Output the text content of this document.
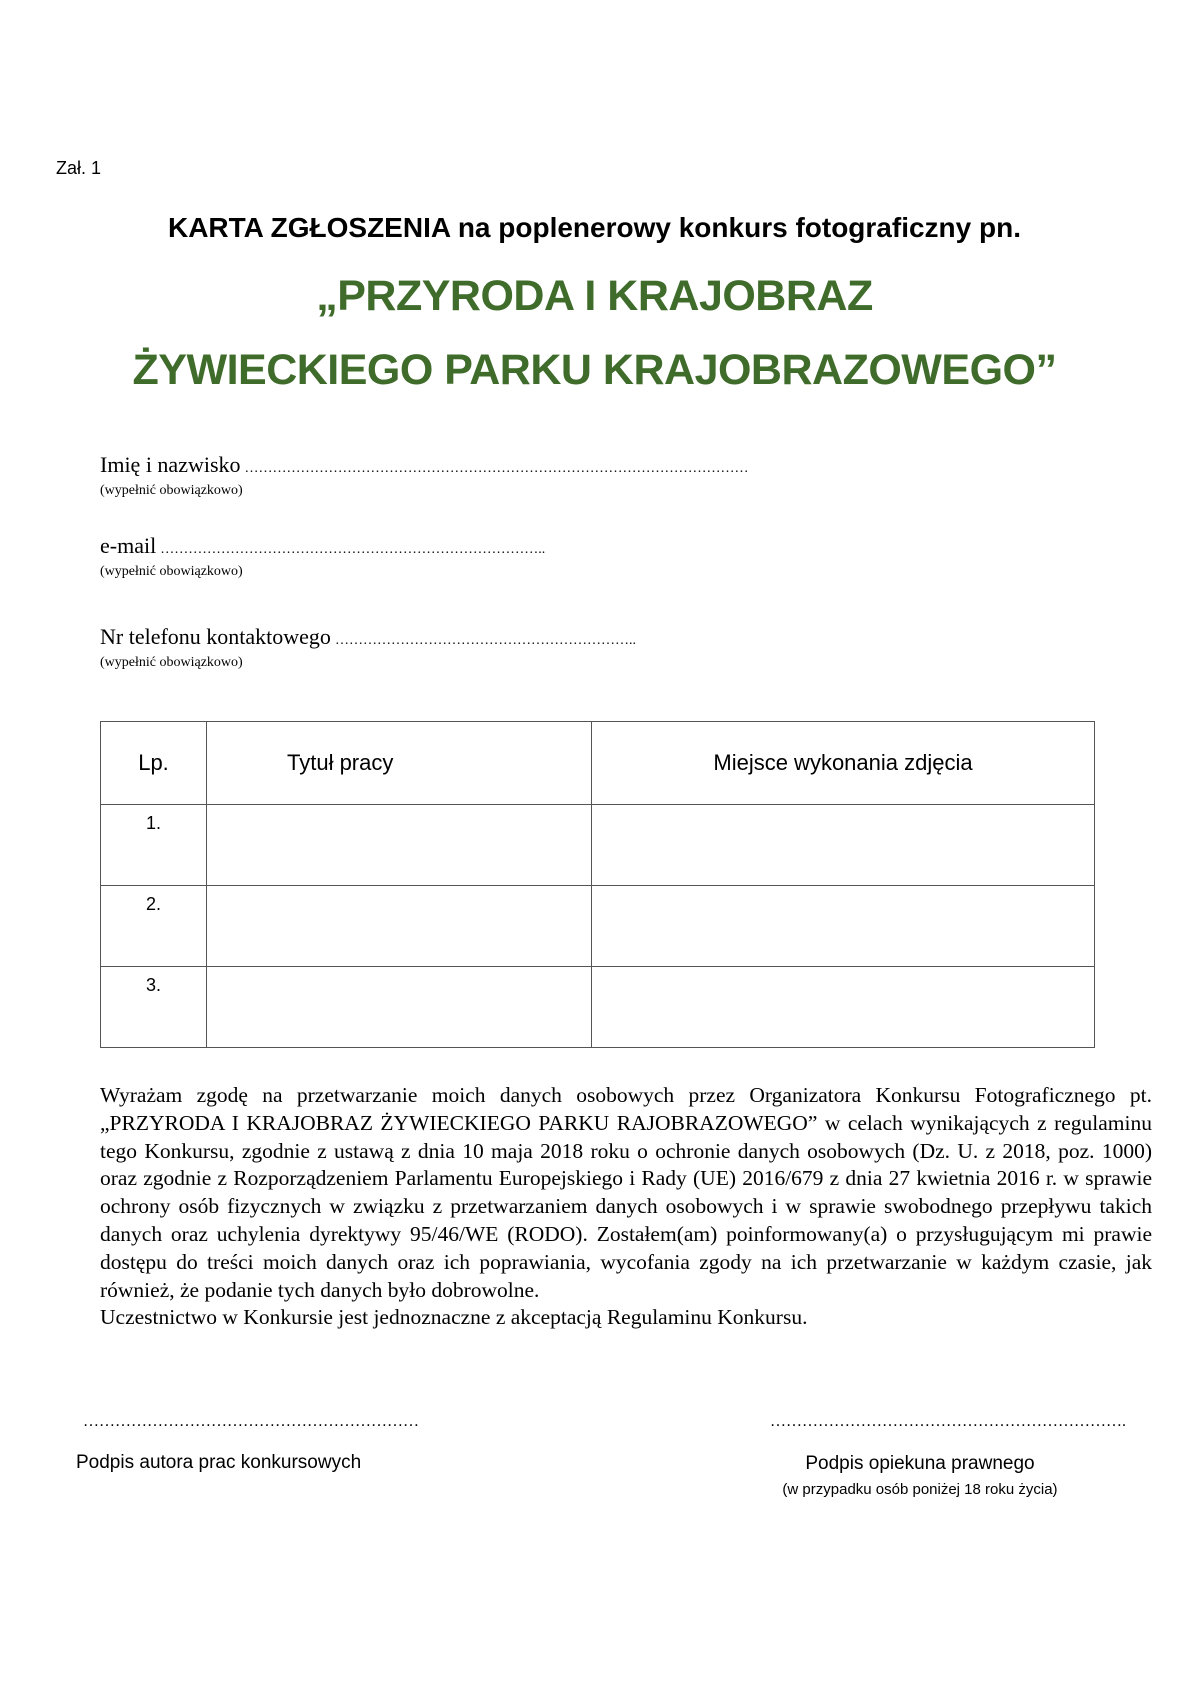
Zał. 1
KARTA ZGŁOSZENIA na poplenerowy konkurs fotograficzny pn.
„PRZYRODA I KRAJOBRAZ
ŻYWIECKIEGO PARKU KRAJOBRAZOWEGO”
Imię i nazwisko ………………………………………………………………………………………………
(wypełnić obowiązkowo)
e-mail ………………………………………………………………………..
(wypełnić obowiązkowo)
Nr telefonu kontaktowego ………………………………………………………..
(wypełnić obowiązkowo)
Lp.	Tytuł pracy	Miejsce wykonania zdjęcia

1.		

2.		

3.		

Wyrażam zgodę na przetwarzanie moich danych osobowych przez Organizatora Konkursu Fotograficznego pt. „PRZYRODA I KRAJOBRAZ ŻYWIECKIEGO PARKU RAJOBRAZOWEGO” w celach wynikających z regulaminu tego Konkursu, zgodnie z ustawą z dnia 10 maja 2018 roku o ochronie danych osobowych (Dz. U. z 2018, poz. 1000) oraz zgodnie z Rozporządzeniem Parlamentu Europejskiego i Rady (UE) 2016/679 z dnia 27 kwietnia 2016 r. w sprawie ochrony osób fizycznych w związku z przetwarzaniem danych osobowych i w sprawie swobodnego przepływu takich danych oraz uchylenia dyrektywy 95/46/WE (RODO). Zostałem(am) poinformowany(a) o przysługującym mi prawie dostępu do treści moich danych oraz ich poprawiania, wycofania zgody na ich przetwarzanie w każdym czasie, jak również, że podanie tych danych było dobrowolne.

Uczestnictwo w Konkursie jest jednoznaczne z akceptacją Regulaminu Konkursu.

………………………………………………………
Podpis autora prac konkursowych
………………………………………………………….
Podpis opiekuna prawnego
(w przypadku osób poniżej 18 roku życia)
